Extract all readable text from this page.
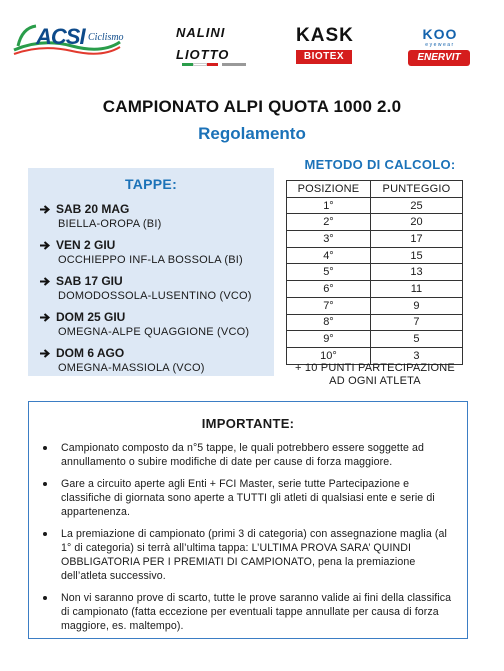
ACSI Ciclismo	NALINI
LIOTTO
KASK
BIOTEX
KOO
eyewear
ENERVIT
CAMPIONATO ALPI QUOTA 1000 2.0
Regolamento
TAPPE:
SAB 20 MAG
BIELLA-OROPA (BI)
VEN 2 GIU
OCCHIEPPO INF-LA BOSSOLA (BI)
SAB 17 GIU
DOMODOSSOLA-LUSENTINO (VCO)
DOM 25 GIU
OMEGNA-ALPE QUAGGIONE (VCO)
DOM 6 AGO
OMEGNA-MASSIOLA (VCO)
METODO DI CALCOLO:
POSIZIONE	PUNTEGGIO
1°	25
2°	20
3°	17
4°	15
5°	13
6°	11
7°	9
8°	7
9°	5
10°	3
+ 10 PUNTI PARTECIPAZIONE
AD OGNI ATLETA
IMPORTANTE:
Campionato composto da n°5 tappe, le quali potrebbero essere soggette ad annullamento o subire modifiche di date per cause di forza maggiore.
Gare a circuito aperte agli Enti + FCI Master, serie tutte Partecipazione e classifiche di giornata sono aperte a TUTTI gli atleti di qualsiasi ente e serie di appartenenza.
La premiazione di campionato (primi 3 di categoria) con assegnazione maglia (al 1° di categoria) si terrà all’ultima tappa: L’ULTIMA PROVA SARA’ QUINDI OBBLIGATORIA PER I PREMIATI DI CAMPIONATO, pena la premiazione dell’atleta successivo.
Non vi saranno prove di scarto, tutte le prove saranno valide ai fini della classifica di campionato (fatta eccezione per eventuali tappe annullate per causa di forza maggiore, es. maltempo).
